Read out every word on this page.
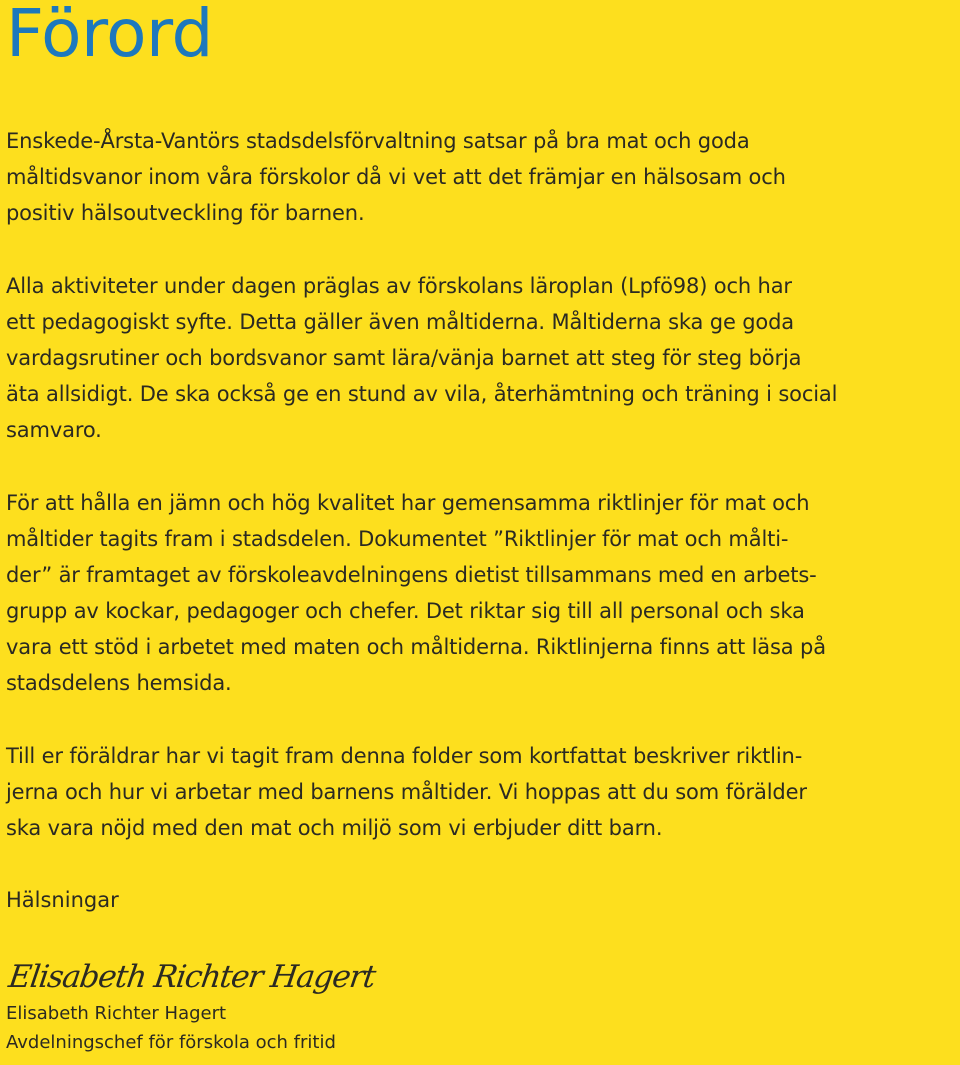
Förord

Enskede-Årsta-Vantörs stadsdelsförvaltning satsar på bra mat och goda
måltidsvanor inom våra förskolor då vi vet att det främjar en hälsosam och
positiv hälsoutveckling för barnen.

Alla aktiviteter under dagen präglas av förskolans läroplan (Lpfö98) och har
ett pedagogiskt syfte. Detta gäller även måltiderna. Måltiderna ska ge goda
vardagsrutiner och bordsvanor samt lära/vänja barnet att steg för steg börja
äta allsidigt. De ska också ge en stund av vila, återhämtning och träning i social
samvaro.

För att hålla en jämn och hög kvalitet har gemensamma riktlinjer för mat och
måltider tagits fram i stadsdelen. Dokumentet ”Riktlinjer för mat och målti-
der” är framtaget av förskoleavdelningens dietist tillsammans med en arbets-
grupp av kockar, pedagoger och chefer. Det riktar sig till all personal och ska
vara ett stöd i arbetet med maten och måltiderna. Riktlinjerna finns att läsa på
stadsdelens hemsida.

Till er föräldrar har vi tagit fram denna folder som kortfattat beskriver riktlin-
jerna och hur vi arbetar med barnens måltider. Vi hoppas att du som förälder
ska vara nöjd med den mat och miljö som vi erbjuder ditt barn.

Hälsningar

Elisabeth Richter Hagert

Elisabeth Richter Hagert

Avdelningschef för förskola och fritid
